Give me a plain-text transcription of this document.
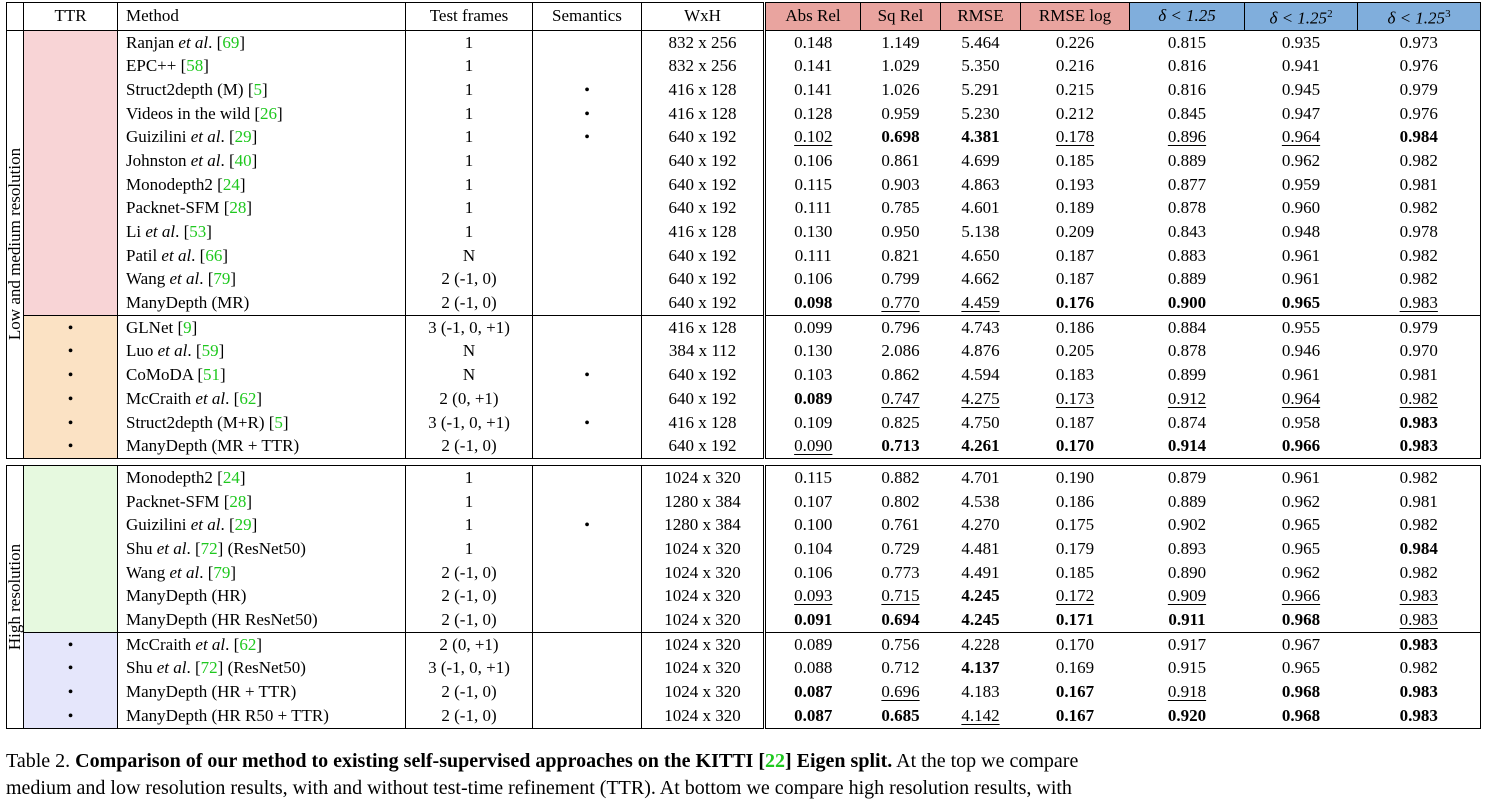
	TTR	Method	Test frames	Semantics	WxH	Abs Rel	Sq Rel	RMSE	RMSE log	δ < 1.25	$\delta < 1.25^2$	$\delta < 1.25^3$

Low and medium resolution		Ranjan et al. [69]	1		832 x 256	0.148	1.149	5.464	0.226	0.815	0.935	0.973
		EPC++ [58]	1		832 x 256	0.141	1.029	5.350	0.216	0.816	0.941	0.976
		Struct2depth (M) [5]	1	•	416 x 128	0.141	1.026	5.291	0.215	0.816	0.945	0.979
		Videos in the wild [26]	1	•	416 x 128	0.128	0.959	5.230	0.212	0.845	0.947	0.976
		Guizilini et al. [29]	1	•	640 x 192	0.102	0.698	4.381	0.178	0.896	0.964	0.984
		Johnston et al. [40]	1		640 x 192	0.106	0.861	4.699	0.185	0.889	0.962	0.982
		Monodepth2 [24]	1		640 x 192	0.115	0.903	4.863	0.193	0.877	0.959	0.981
		Packnet-SFM [28]	1		640 x 192	0.111	0.785	4.601	0.189	0.878	0.960	0.982
		Li et al. [53]	1		416 x 128	0.130	0.950	5.138	0.209	0.843	0.948	0.978
		Patil et al. [66]	N		640 x 192	0.111	0.821	4.650	0.187	0.883	0.961	0.982
		Wang et al. [79]	2 (-1, 0)		640 x 192	0.106	0.799	4.662	0.187	0.889	0.961	0.982
		ManyDepth (MR)	2 (-1, 0)		640 x 192	0.098	0.770	4.459	0.176	0.900	0.965	0.983
	•	GLNet [9]	3 (-1, 0, +1)		416 x 128	0.099	0.796	4.743	0.186	0.884	0.955	0.979
	•	Luo et al. [59]	N		384 x 112	0.130	2.086	4.876	0.205	0.878	0.946	0.970
	•	CoMoDA [51]	N	•	640 x 192	0.103	0.862	4.594	0.183	0.899	0.961	0.981
	•	McCraith et al. [62]	2 (0, +1)		640 x 192	0.089	0.747	4.275	0.173	0.912	0.964	0.982
	•	Struct2depth (M+R) [5]	3 (-1, 0, +1)	•	416 x 128	0.109	0.825	4.750	0.187	0.874	0.958	0.983
	•	ManyDepth (MR + TTR)	2 (-1, 0)		640 x 192	0.090	0.713	4.261	0.170	0.914	0.966	0.983

High resolution		Monodepth2 [24]	1		1024 x 320	0.115	0.882	4.701	0.190	0.879	0.961	0.982
		Packnet-SFM [28]	1		1280 x 384	0.107	0.802	4.538	0.186	0.889	0.962	0.981
		Guizilini et al. [29]	1	•	1280 x 384	0.100	0.761	4.270	0.175	0.902	0.965	0.982
		Shu et al. [72] (ResNet50)	1		1024 x 320	0.104	0.729	4.481	0.179	0.893	0.965	0.984
		Wang et al. [79]	2 (-1, 0)		1024 x 320	0.106	0.773	4.491	0.185	0.890	0.962	0.982
		ManyDepth (HR)	2 (-1, 0)		1024 x 320	0.093	0.715	4.245	0.172	0.909	0.966	0.983
		ManyDepth (HR ResNet50)	2 (-1, 0)		1024 x 320	0.091	0.694	4.245	0.171	0.911	0.968	0.983
	•	McCraith et al. [62]	2 (0, +1)		1024 x 320	0.089	0.756	4.228	0.170	0.917	0.967	0.983
	•	Shu et al. [72] (ResNet50)	3 (-1, 0, +1)		1024 x 320	0.088	0.712	4.137	0.169	0.915	0.965	0.982
	•	ManyDepth (HR + TTR)	2 (-1, 0)		1024 x 320	0.087	0.696	4.183	0.167	0.918	0.968	0.983
	•	ManyDepth (HR R50 + TTR)	2 (-1, 0)		1024 x 320	0.087	0.685	4.142	0.167	0.920	0.968	0.983
Table 2. Comparison of our method to existing self-supervised approaches on the KITTI [22] Eigen split. At the top we compare
medium and low resolution results, with and without test-time refinement (TTR). At bottom we compare high resolution results, with
